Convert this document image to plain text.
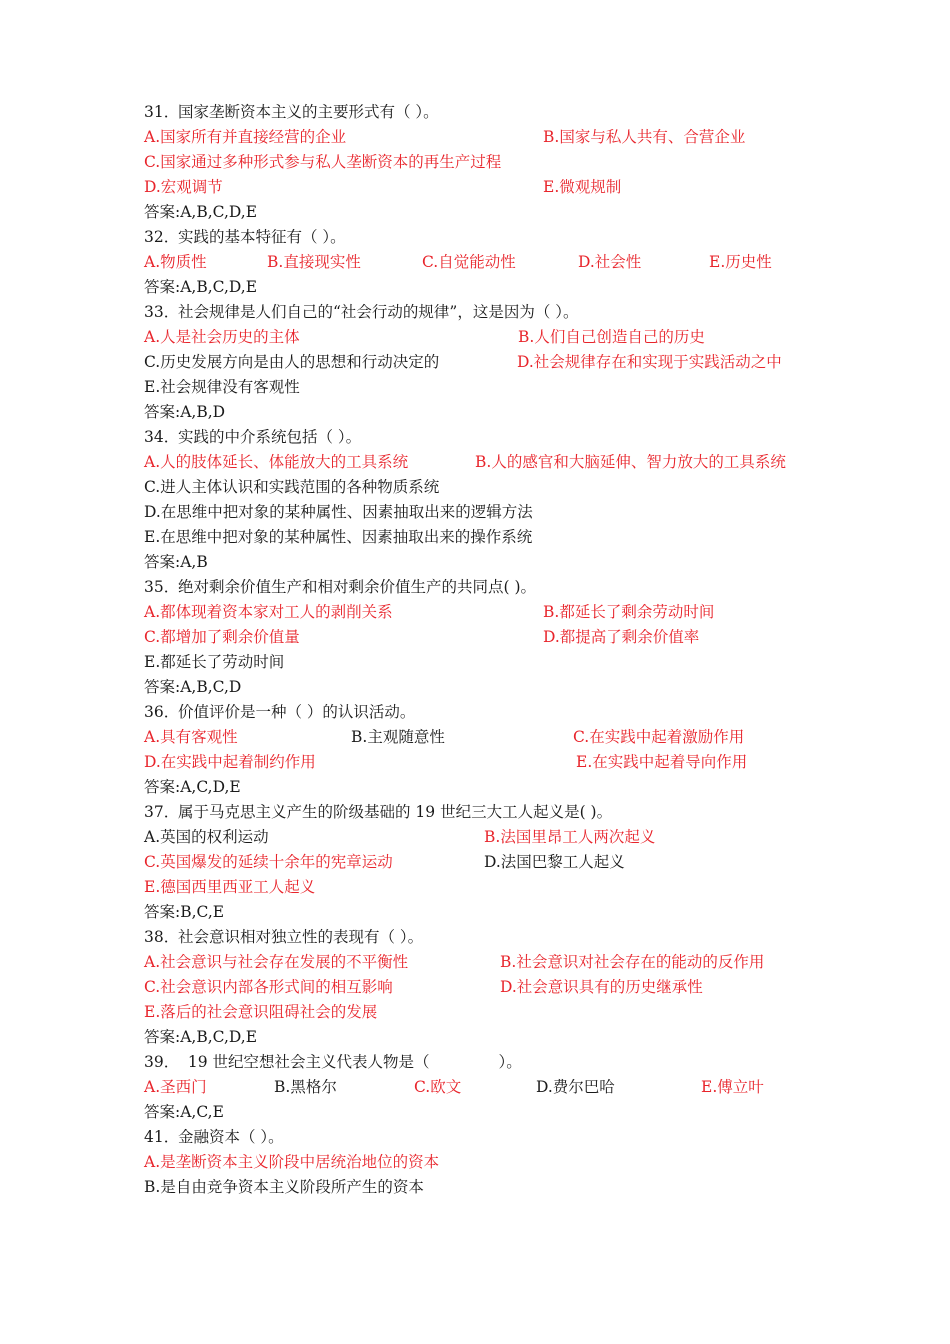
31．
国家垄断资本主义的主要形式有（ ）。
A.国家所有并直接经营的企业	B.国家与私人共有、合营企业
C.国家通过多种形式参与私人垄断资本的再生产过程
D.宏观调节	E.微观规制
答案:A,B,C,D,E
32．
实践的基本特征有（ ）。
A.物质性	B.直接现实性	C.自觉能动性	D.社会性	E.历史性
答案:A,B,C,D,E
33．
社会规律是人们自己的“社会行动的规律”，这是因为（ ）。
A.人是社会历史的主体	B.人们自己创造自己的历史
C.历史发展方向是由人的思想和行动决定的	D.社会规律存在和实现于实践活动之中
E.社会规律没有客观性
答案:A,B,D
34．
实践的中介系统包括（ ）。
A.人的肢体延长、体能放大的工具系统	B.人的感官和大脑延伸、智力放大的工具系统
C.进人主体认识和实践范围的各种物质系统
D.在思维中把对象的某种属性、因素抽取出来的逻辑方法
E.在思维中把对象的某种属性、因素抽取出来的操作系统
答案:A,B
35．
绝对剩余价值生产和相对剩余价值生产的共同点( )。
A.都体现着资本家对工人的剥削关系	B.都延长了剩余劳动时间
C.都增加了剩余价值量	D.都提高了剩余价值率
E.都延长了劳动时间
答案:A,B,C,D
36．
价值评价是一种（ ）的认识活动。
A.具有客观性	B.主观随意性	C.在实践中起着激励作用
D.在实践中起着制约作用	E.在实践中起着导向作用
答案:A,C,D,E
37．
属于马克思主义产生的阶级基础的 19 世纪三大工人起义是( )。
A.英国的权利运动	B.法国里昂工人两次起义
C.英国爆发的延续十余年的宪章运动	D.法国巴黎工人起义
E.德国西里西亚工人起义
答案:B,C,E
38．
社会意识相对独立性的表现有（ ）。
A.社会意识与社会存在发展的不平衡性	B.社会意识对社会存在的能动的反作用
C.社会意识内部各形式间的相互影响	D.社会意识具有的历史继承性
E.落后的社会意识阻碍社会的发展
答案:A,B,C,D,E
39．
19 世纪空想社会主义代表人物是（              ）。
A.圣西门	B.黑格尔	C.欧文	D.费尔巴哈	E.傅立叶
答案:A,C,E
41．
金融资本（ ）。
A.是垄断资本主义阶段中居统治地位的资本
B.是自由竞争资本主义阶段所产生的资本
